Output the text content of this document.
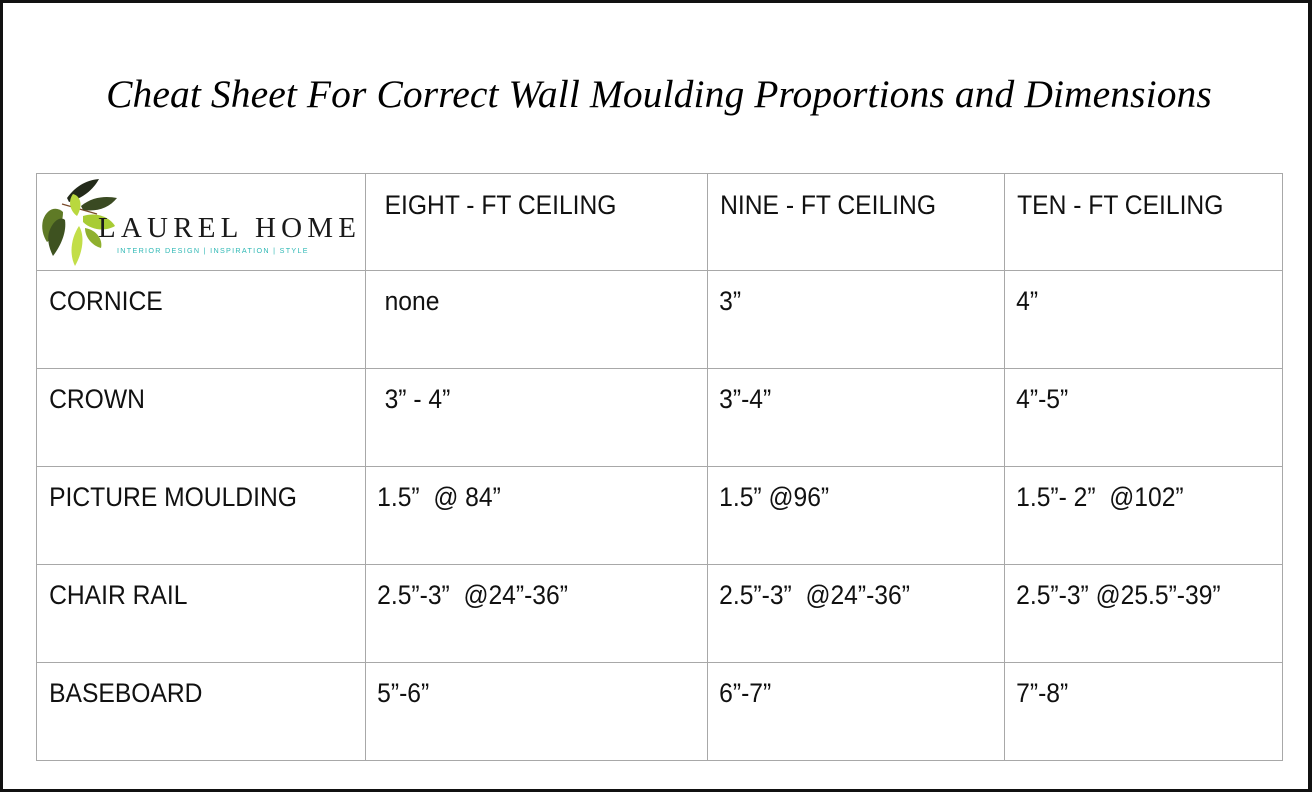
Cheat Sheet For Correct Wall Moulding Proportions and Dimensions
LAUREL HOME
INTERIOR DESIGN | INSPIRATION | STYLE	EIGHT - FT CEILING	NINE - FT CEILING	TEN - FT CEILING
CORNICE	none	3”	4”
CROWN	3” - 4”	3”-4”	4”-5”
PICTURE MOULDING	1.5”  @ 84”	1.5” @96”	1.5”- 2”  @102”
CHAIR RAIL	2.5”-3”  @24”-36”	2.5”-3”  @24”-36”	2.5”-3” @25.5”-39”
BASEBOARD	5”-6”	6”-7”	7”-8”
